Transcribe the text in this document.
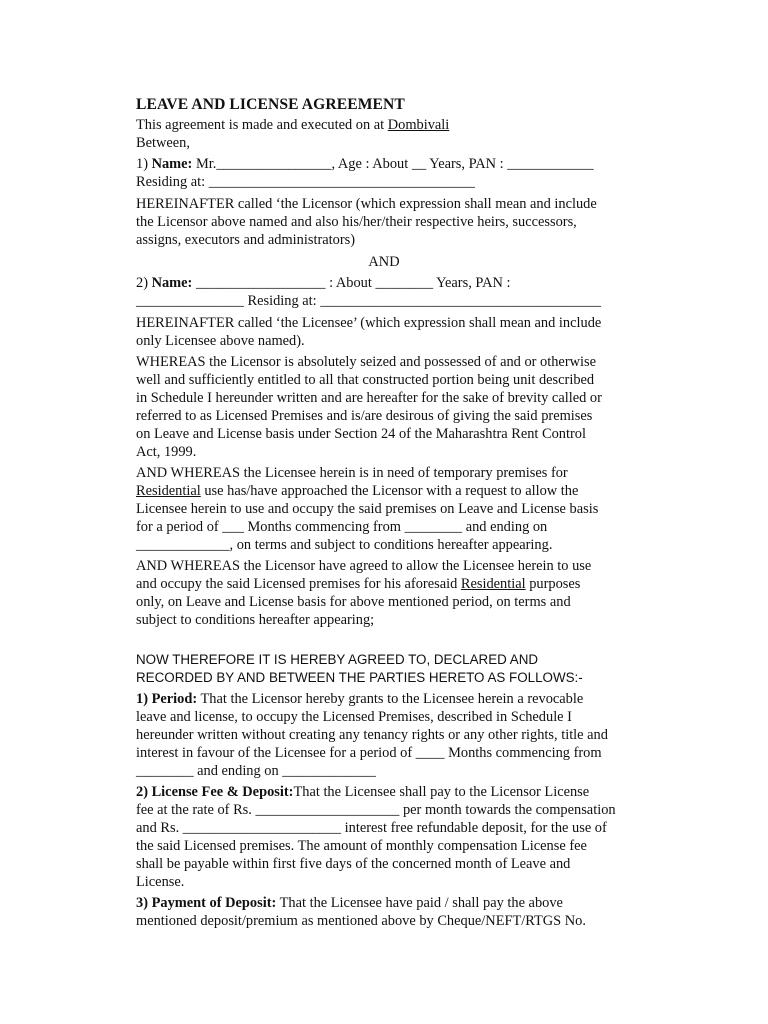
LEAVE AND LICENSE AGREEMENT
This agreement is made and executed on at Dombivali
Between,
1) Name: Mr.________________, Age : About __ Years, PAN : ____________
Residing at: _____________________________________
HEREINAFTER called ‘the Licensor (which expression shall mean and include
the Licensor above named and also his/her/their respective heirs, successors,
assigns, executors and administrators)
AND
2) Name: __________________ : About ________ Years, PAN :
_______________ Residing at: _______________________________________
HEREINAFTER called ‘the Licensee’ (which expression shall mean and include
only Licensee above named).
WHEREAS the Licensor is absolutely seized and possessed of and or otherwise
well and sufficiently entitled to all that constructed portion being unit described
in Schedule I hereunder written and are hereafter for the sake of brevity called or
referred to as Licensed Premises and is/are desirous of giving the said premises
on Leave and License basis under Section 24 of the Maharashtra Rent Control
Act, 1999.
AND WHEREAS the Licensee herein is in need of temporary premises for
Residential use has/have approached the Licensor with a request to allow the
Licensee herein to use and occupy the said premises on Leave and License basis
for a period of ___ Months commencing from ________ and ending on
_____________, on terms and subject to conditions hereafter appearing.
AND WHEREAS the Licensor have agreed to allow the Licensee herein to use
and occupy the said Licensed premises for his aforesaid Residential purposes
only, on Leave and License basis for above mentioned period, on terms and
subject to conditions hereafter appearing;
NOW THEREFORE IT IS HEREBY AGREED TO, DECLARED AND
RECORDED BY AND BETWEEN THE PARTIES HERETO AS FOLLOWS:-
1) Period: That the Licensor hereby grants to the Licensee herein a revocable
leave and license, to occupy the Licensed Premises, described in Schedule I
hereunder written without creating any tenancy rights or any other rights, title and
interest in favour of the Licensee for a period of ____ Months commencing from
________ and ending on _____________
2) License Fee & Deposit:That the Licensee shall pay to the Licensor License
fee at the rate of Rs. ____________________ per month towards the compensation
and Rs. ______________________ interest free refundable deposit, for the use of
the said Licensed premises. The amount of monthly compensation License fee
shall be payable within first five days of the concerned month of Leave and
License.
3) Payment of Deposit: That the Licensee have paid / shall pay the above
mentioned deposit/premium as mentioned above by Cheque/NEFT/RTGS No.
